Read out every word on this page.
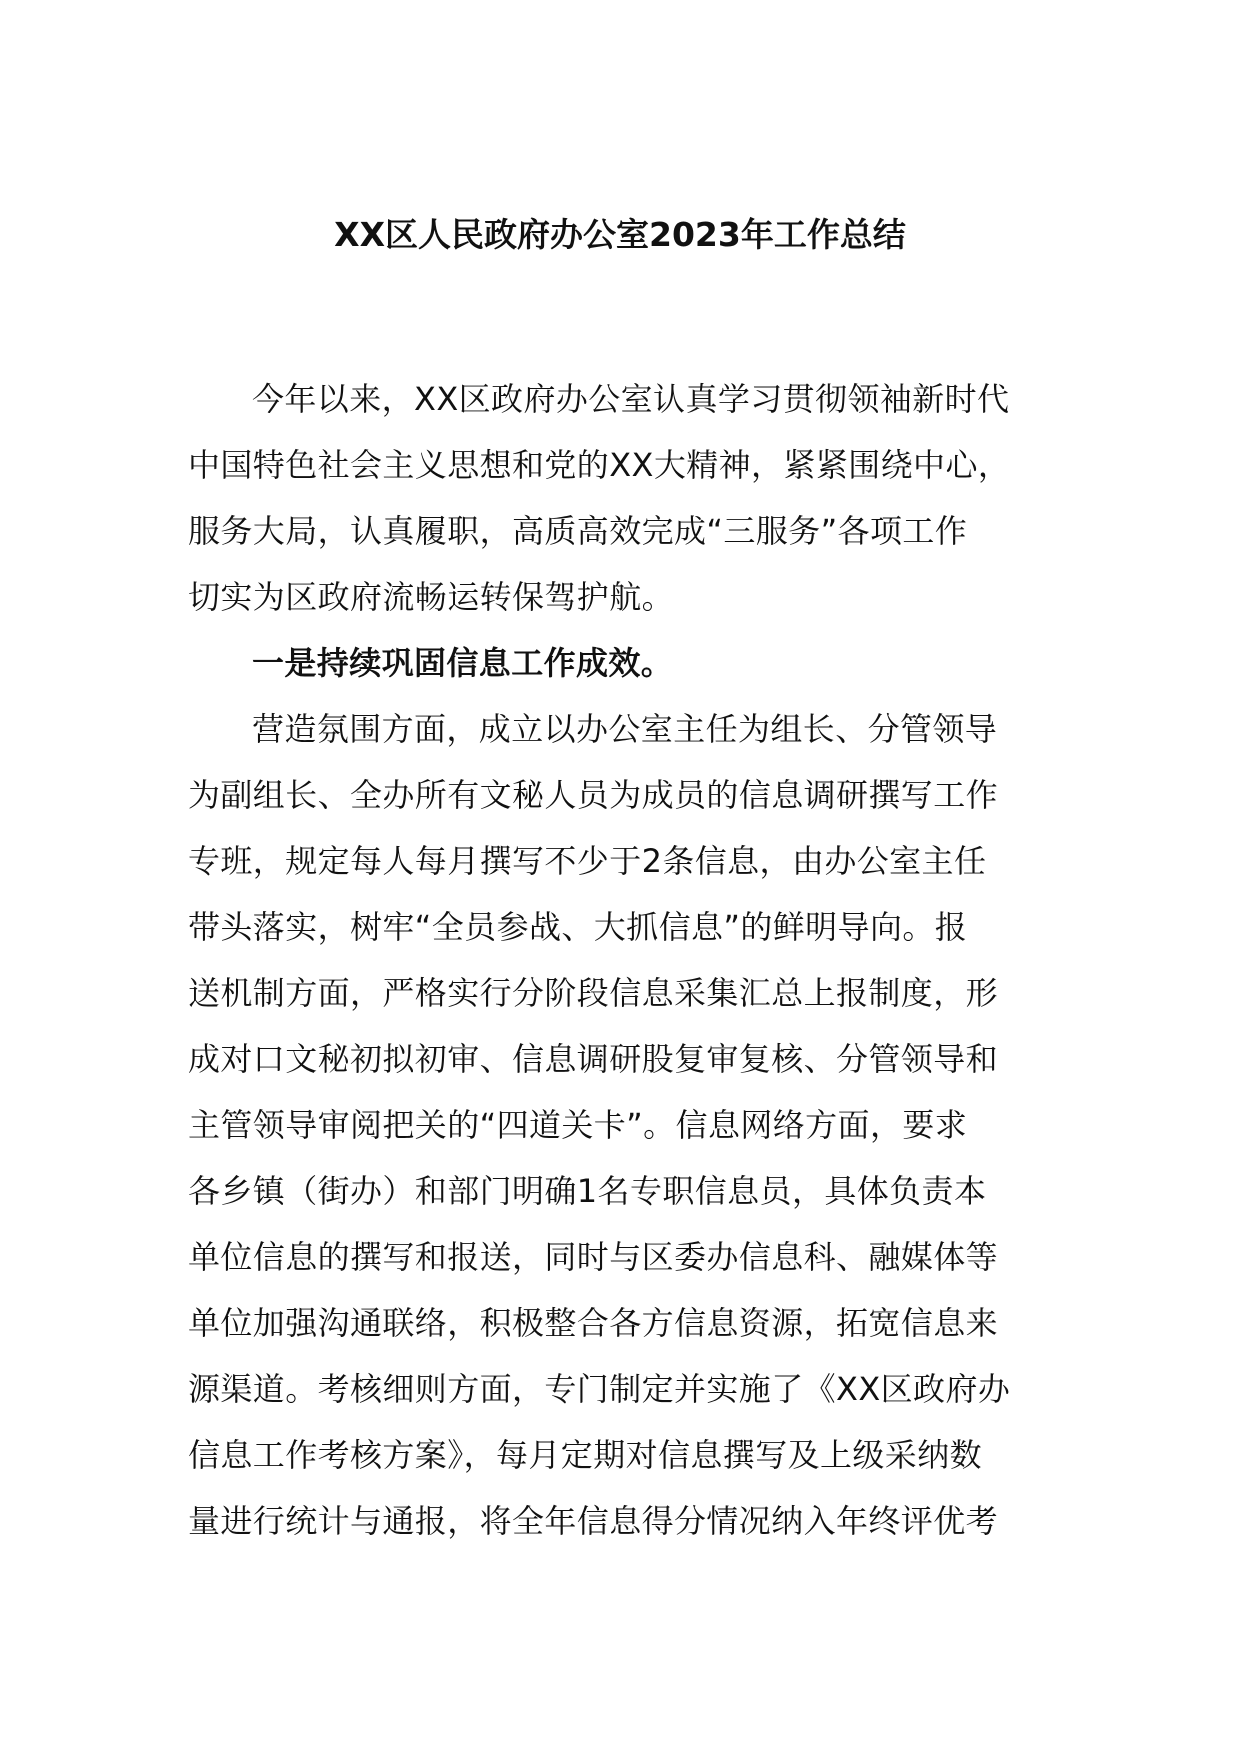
XX区人民政府办公室2023年工作总结

今年以来，XX区政府办公室认真学习贯彻领袖新时代
中国特色社会主义思想和党的XX大精神，紧紧围绕中心，
服务大局，认真履职，高质高效完成“三服务”各项工作
切实为区政府流畅运转保驾护航。

一是持续巩固信息工作成效。

营造氛围方面，成立以办公室主任为组长、分管领导
为副组长、全办所有文秘人员为成员的信息调研撰写工作
专班，规定每人每月撰写不少于2条信息，由办公室主任
带头落实，树牢“全员参战、大抓信息”的鲜明导向。报
送机制方面，严格实行分阶段信息采集汇总上报制度，形
成对口文秘初拟初审、信息调研股复审复核、分管领导和
主管领导审阅把关的“四道关卡”。信息网络方面，要求
各乡镇（街办）和部门明确1名专职信息员，具体负责本
单位信息的撰写和报送，同时与区委办信息科、融媒体等
单位加强沟通联络，积极整合各方信息资源，拓宽信息来
源渠道。考核细则方面，专门制定并实施了《XX区政府办
信息工作考核方案》，每月定期对信息撰写及上级采纳数
量进行统计与通报，将全年信息得分情况纳入年终评优考
